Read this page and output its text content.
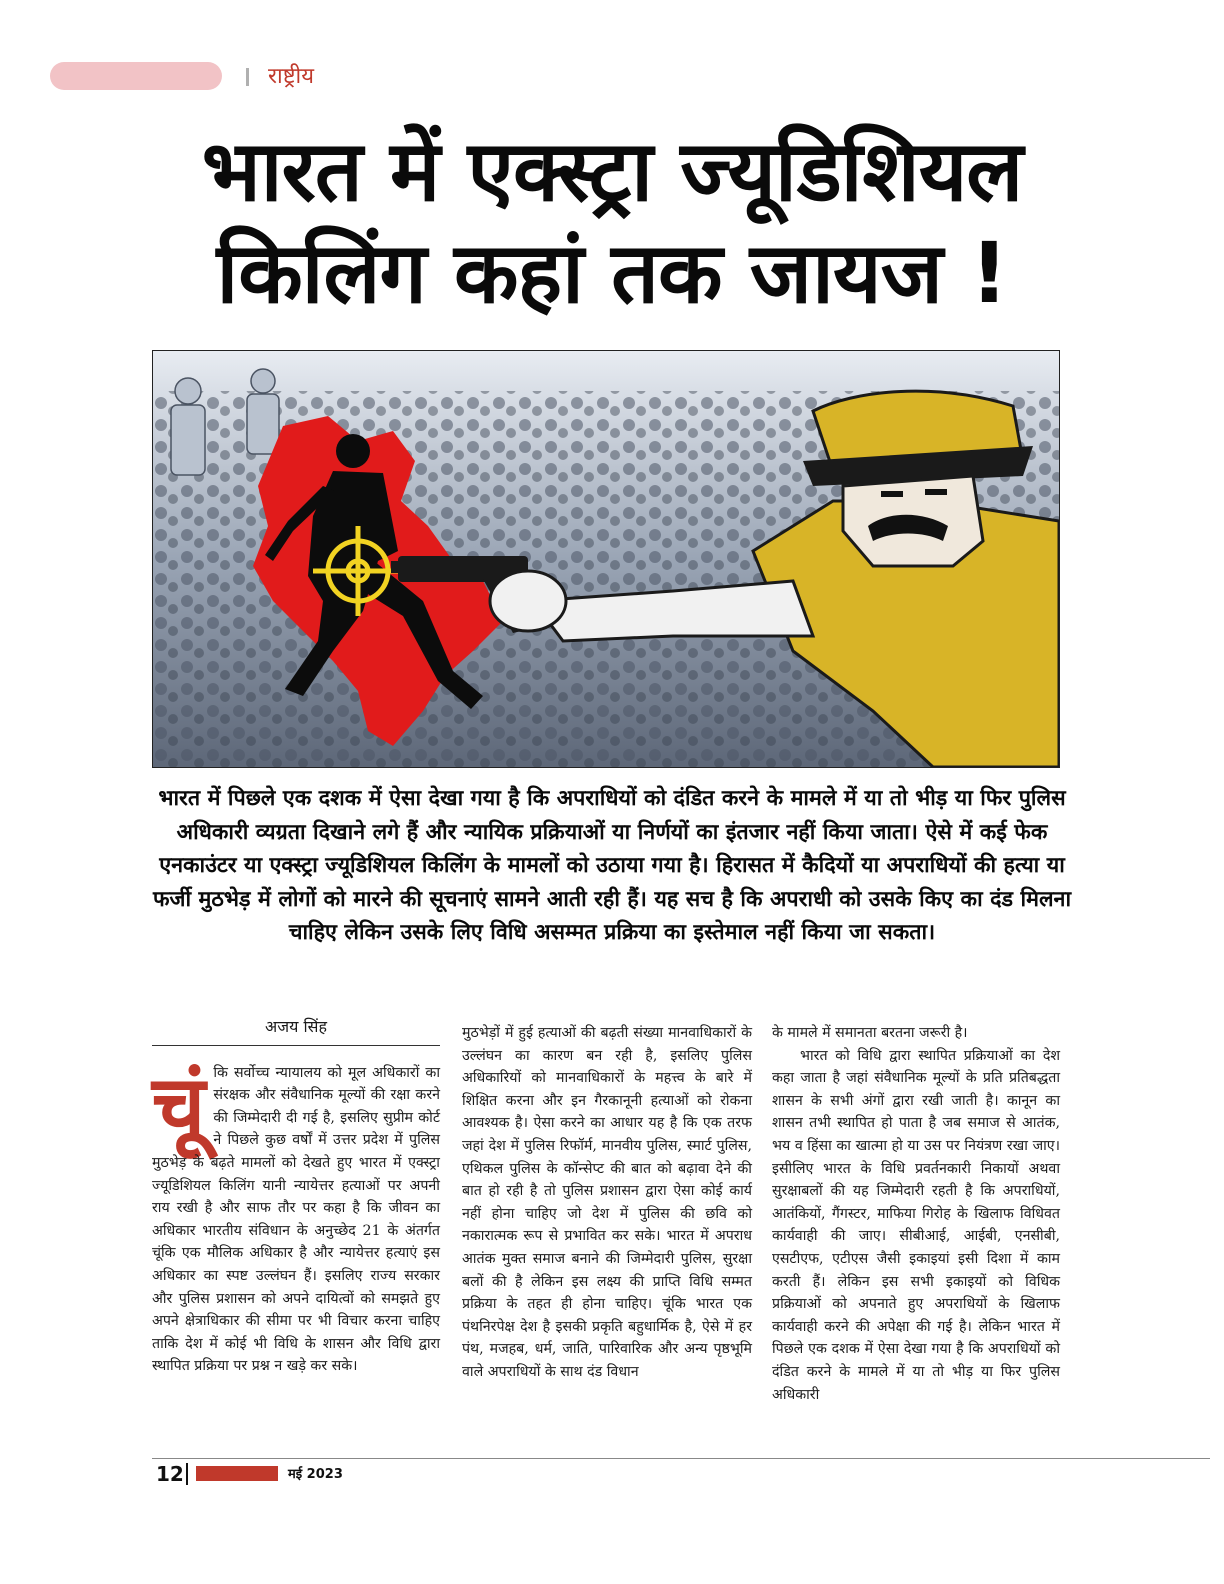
राष्ट्रीय
भारत में एक्स्ट्रा ज्यूडिशियल
किलिंग कहां तक जायज !
भारत में पिछले एक दशक में ऐसा देखा गया है कि अपराधियों को दंडित करने के मामले में या तो भीड़ या फिर पुलिस अधिकारी व्यग्रता दिखाने लगे हैं और न्यायिक प्रक्रियाओं या निर्णयों का इंतजार नहीं किया जाता। ऐसे में कई फेक एनकाउंटर या एक्स्ट्रा ज्यूडिशियल किलिंग के मामलों को उठाया गया है। हिरासत में कैदियों या अपराधियों की हत्या या फर्जी मुठभेड़ में लोगों को मारने की सूचनाएं सामने आती रही हैं। यह सच है कि अपराधी को उसके किए का दंड मिलना चाहिए लेकिन उसके लिए विधि असम्मत प्रक्रिया का इस्तेमाल नहीं किया जा सकता।
अजय सिंह
चूं कि सर्वोच्च न्यायालय को मूल अधिकारों का संरक्षक और संवैधानिक मूल्यों की रक्षा करने की जिम्मेदारी दी गई है, इसलिए सुप्रीम कोर्ट ने पिछले कुछ वर्षों में उत्तर प्रदेश में पुलिस मुठभेड़ के बढ़ते मामलों को देखते हुए भारत में एक्स्ट्रा ज्यूडिशियल किलिंग यानी न्यायेत्तर हत्याओं पर अपनी राय रखी है और साफ तौर पर कहा है कि जीवन का अधिकार भारतीय संविधान के अनुच्छेद 21 के अंतर्गत चूंकि एक मौलिक अधिकार है और न्यायेत्तर हत्याएं इस अधिकार का स्पष्ट उल्लंघन हैं। इसलिए राज्य सरकार और पुलिस प्रशासन को अपने दायित्वों को समझते हुए अपने क्षेत्राधिकार की सीमा पर भी विचार करना चाहिए ताकि देश में कोई भी विधि के शासन और विधि द्वारा स्थापित प्रक्रिया पर प्रश्न न खड़े कर सके।

मुठभेड़ों में हुई हत्याओं की बढ़ती संख्या मानवाधिकारों के उल्लंघन का कारण बन रही है, इसलिए पुलिस अधिकारियों को मानवाधिकारों के महत्त्व के बारे में शिक्षित करना और इन गैरकानूनी हत्याओं को रोकना आवश्यक है। ऐसा करने का आधार यह है कि एक तरफ जहां देश में पुलिस रिफॉर्म, मानवीय पुलिस, स्मार्ट पुलिस, एथिकल पुलिस के कॉन्सेप्ट की बात को बढ़ावा देने की बात हो रही है तो पुलिस प्रशासन द्वारा ऐसा कोई कार्य नहीं होना चाहिए जो देश में पुलिस की छवि को नकारात्मक रूप से प्रभावित कर सके। भारत में अपराध आतंक मुक्त समाज बनाने की जिम्मेदारी पुलिस, सुरक्षा बलों की है लेकिन इस लक्ष्य की प्राप्ति विधि सम्मत प्रक्रिया के तहत ही होना चाहिए। चूंकि भारत एक पंथनिरपेक्ष देश है इसकी प्रकृति बहुधार्मिक है, ऐसे में हर पंथ, मजहब, धर्म, जाति, पारिवारिक और अन्य पृष्ठभूमि वाले अपराधियों के साथ दंड विधान

के मामले में समानता बरतना जरूरी है।

भारत को विधि द्वारा स्थापित प्रक्रियाओं का देश कहा जाता है जहां संवैधानिक मूल्यों के प्रति प्रतिबद्धता शासन के सभी अंगों द्वारा रखी जाती है। कानून का शासन तभी स्थापित हो पाता है जब समाज से आतंक, भय व हिंसा का खात्मा हो या उस पर नियंत्रण रखा जाए। इसीलिए भारत के विधि प्रवर्तनकारी निकायों अथवा सुरक्षाबलों की यह जिम्मेदारी रहती है कि अपराधियों, आतंकियों, गैंगस्टर, माफिया गिरोह के खिलाफ विधिवत कार्यवाही की जाए। सीबीआई, आईबी, एनसीबी, एसटीएफ, एटीएस जैसी इकाइयां इसी दिशा में काम करती हैं। लेकिन इस सभी इकाइयों को विधिक प्रक्रियाओं को अपनाते हुए अपराधियों के खिलाफ कार्यवाही करने की अपेक्षा की गई है। लेकिन भारत में पिछले एक दशक में ऐसा देखा गया है कि अपराधियों को दंडित करने के मामले में या तो भीड़ या फिर पुलिस अधिकारी

12	मई 2023
